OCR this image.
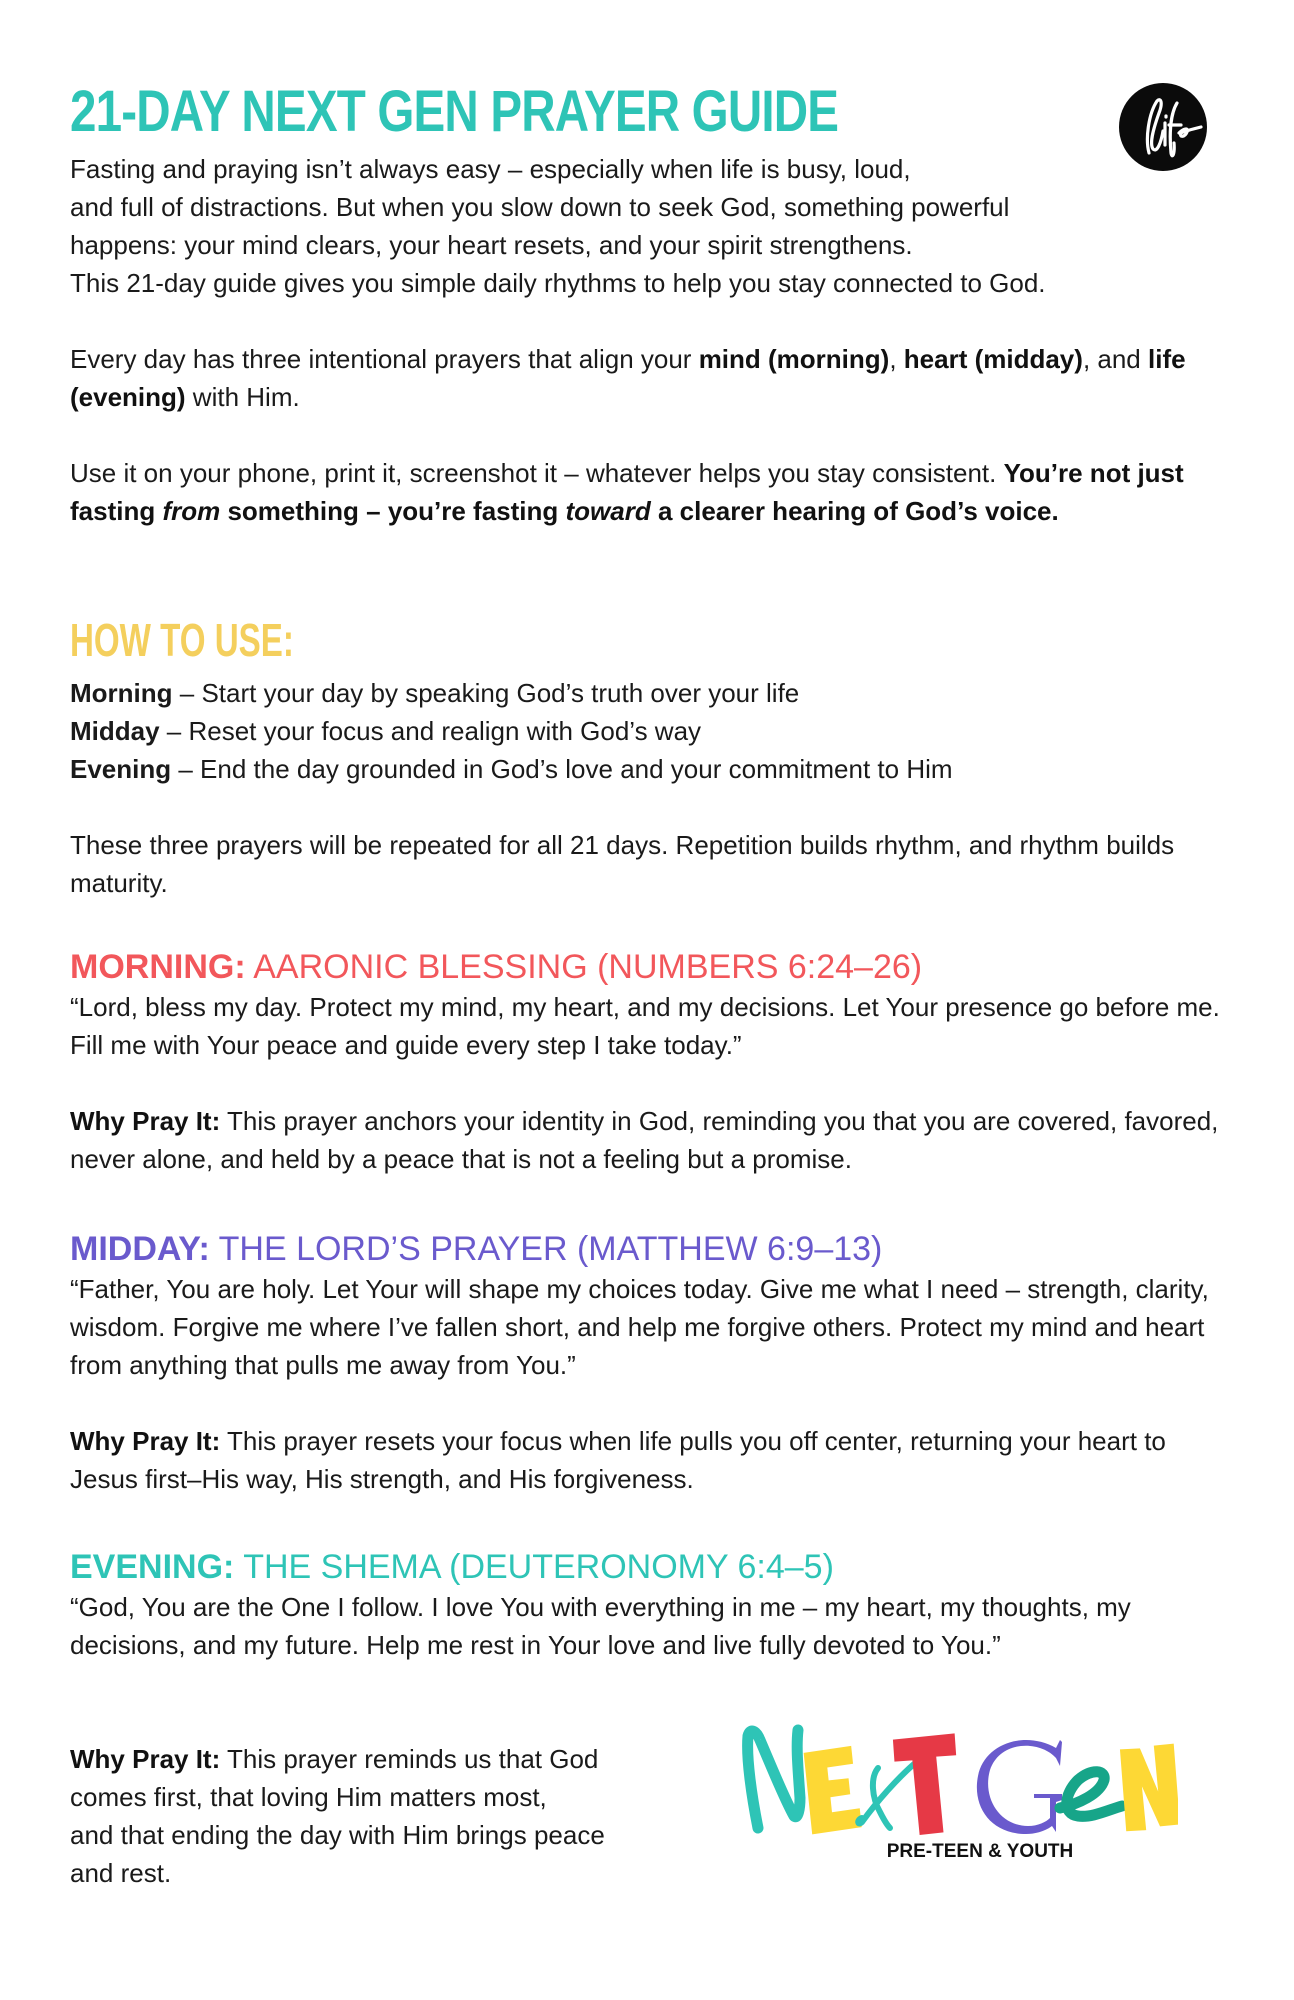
21-DAY NEXT GEN PRAYER GUIDE

Fasting and praying isn’t always easy – especially when life is busy, loud,
and full of distractions. But when you slow down to seek God, something powerful
happens: your mind clears, your heart resets, and your spirit strengthens.
This 21-day guide gives you simple daily rhythms to help you stay connected to God.

Every day has three intentional prayers that align your mind (morning), heart (midday), and life (evening) with Him.

Use it on your phone, print it, screenshot it – whatever helps you stay consistent. You’re not just fasting from something – you’re fasting toward a clearer hearing of God’s voice.

HOW TO USE:
Morning – Start your day by speaking God’s truth over your life
Midday – Reset your focus and realign with God’s way
Evening – End the day grounded in God’s love and your commitment to Him

These three prayers will be repeated for all 21 days. Repetition builds rhythm, and rhythm builds maturity.

MORNING: AARONIC BLESSING (NUMBERS 6:24–26)

“Lord, bless my day. Protect my mind, my heart, and my decisions. Let Your presence go before me. Fill me with Your peace and guide every step I take today.”

Why Pray It: This prayer anchors your identity in God, reminding you that you are covered, favored, never alone, and held by a peace that is not a feeling but a promise.

MIDDAY: THE LORD’S PRAYER (MATTHEW 6:9–13)

“Father, You are holy. Let Your will shape my choices today. Give me what I need – strength, clarity, wisdom. Forgive me where I’ve fallen short, and help me forgive others. Protect my mind and heart from anything that pulls me away from You.”

Why Pray It: This prayer resets your focus when life pulls you off center, returning your heart to Jesus first–His way, His strength, and His forgiveness.

EVENING: THE SHEMA (DEUTERONOMY 6:4–5)

“God, You are the One I follow. I love You with everything in me – my heart, my thoughts, my decisions, and my future. Help me rest in Your love and live fully devoted to You.”

Why Pray It: This prayer reminds us that God
comes first, that loving Him matters most,
and that ending the day with Him brings peace
and rest.

PRE-TEEN & YOUTH
